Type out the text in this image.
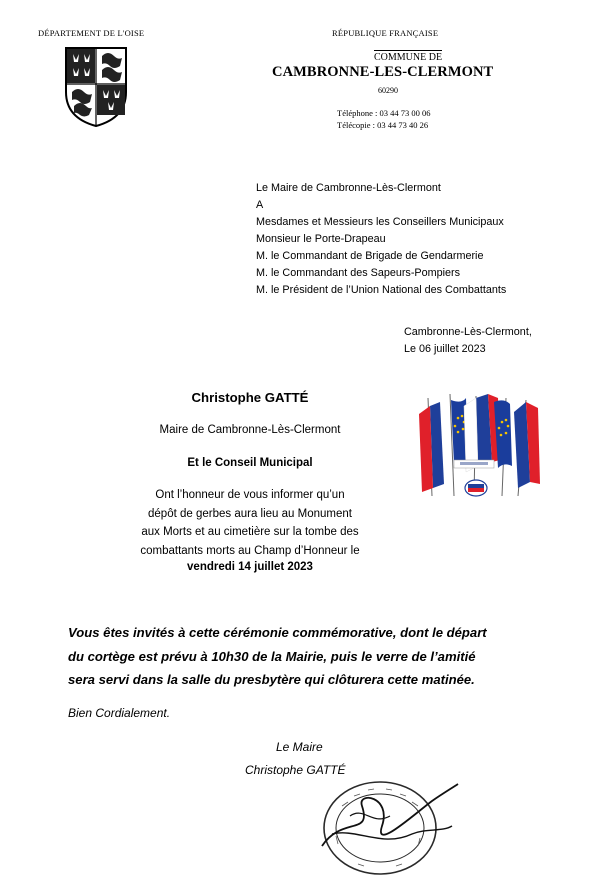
DÉPARTEMENT DE L'OISE	RÉPUBLIQUE FRANÇAISE
COMMUNE DE
CAMBRONNE-LES-CLERMONT
60290
Téléphone : 03 44 73 00 06
Télécopie : 03 44 73 40 26
Le Maire de Cambronne-Lès-Clermont
A
Mesdames et Messieurs les Conseillers Municipaux
Monsieur le Porte-Drapeau
M. le Commandant de Brigade de Gendarmerie
M. le Commandant des Sapeurs-Pompiers
M. le Président de l’Union National des Combattants
Cambronne-Lès-Clermont,
Le 06 juillet 2023
Christophe GATTÉ
Maire de Cambronne-Lès-Clermont
Et le Conseil Municipal
Ont l’honneur de vous informer qu’un
dépôt de gerbes aura lieu au Monument
aux Morts et au cimetière sur la tombe des
combattants morts au Champ d’Honneur le
vendredi 14 juillet 2023
Vous êtes invités à cette cérémonie commémorative, dont le départ
du cortège est prévu à 10h30 de la Mairie, puis le verre de l’amitié
sera servi dans la salle du presbytère qui clôturera cette matinée.
Bien Cordialement.
Le Maire
Christophe GATTÉ
